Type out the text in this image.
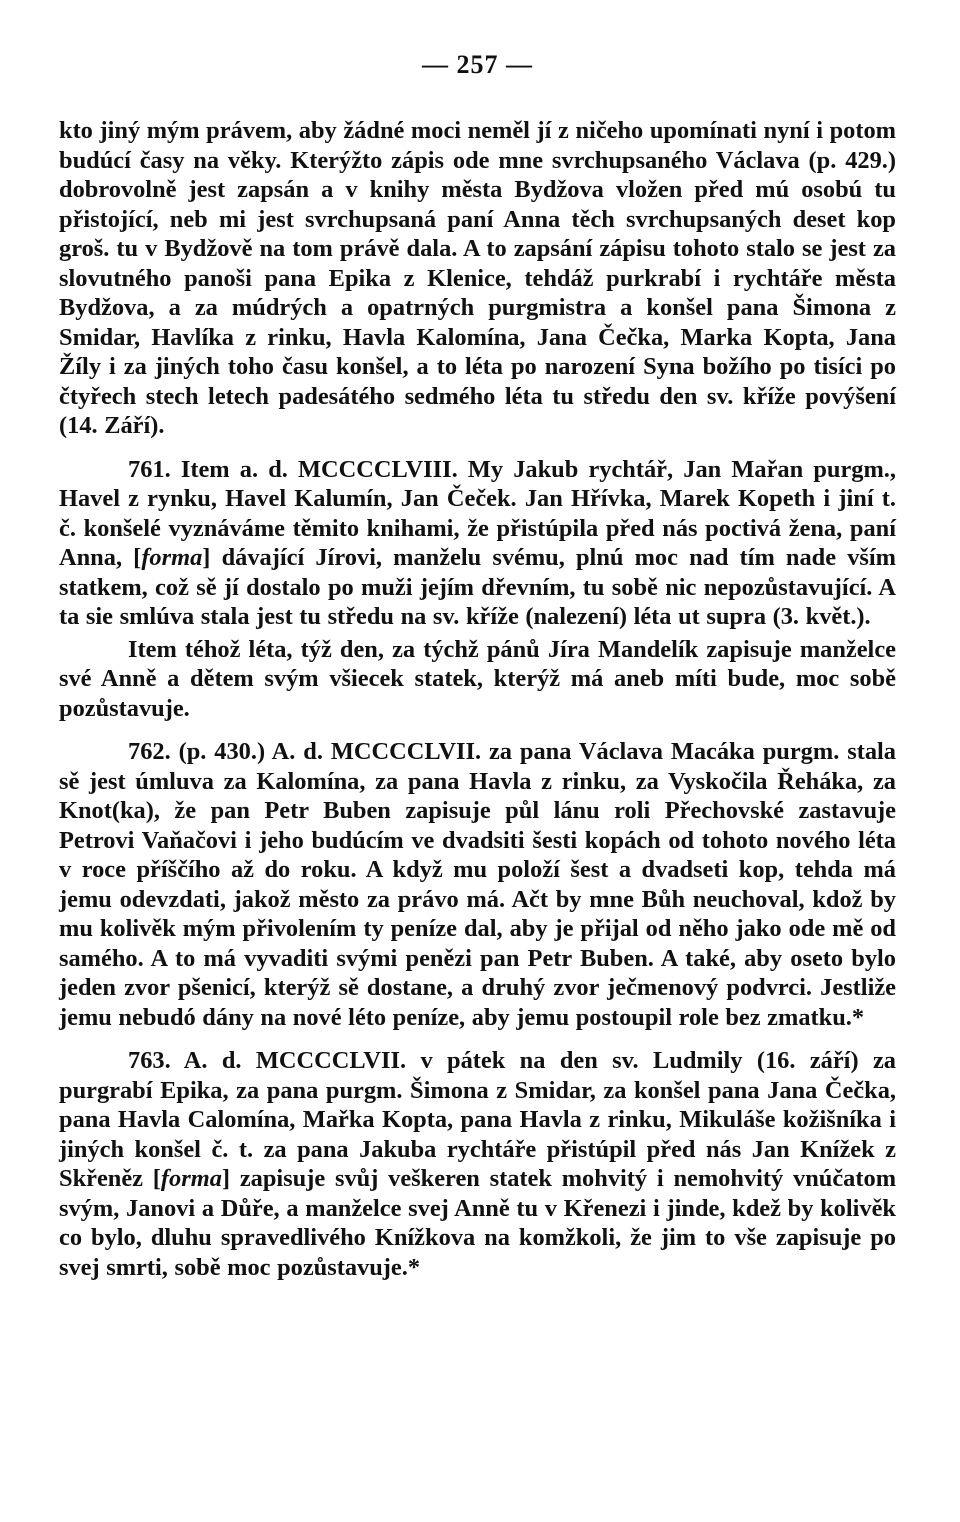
— 257 —

kto jiný mým právem, aby žádné moci neměl jí z ničeho upomínati nyní i potom budúcí časy na věky. Kterýžto zápis ode mne svrchupsaného Václava (p. 429.) dobrovolně jest zapsán a v knihy města Bydžova vložen před mú osobú tu přistojící, neb mi jest svrchupsaná paní Anna těch svrchupsaných deset kop groš. tu v Bydžově na tom právě dala. A to zapsání zápisu tohoto stalo se jest za slovutného panoši pana Epika z Klenice, tehdáž purkrabí i rychtáře města Bydžova, a za múdrých a opatrných purgmistra a konšel pana Šimona z Smidar, Havlíka z rinku, Havla Kalomína, Jana Čečka, Marka Kopta, Jana Žíly i za jiných toho času konšel, a to léta po narození Syna božího po tisíci po čtyřech stech letech padesátého sedmého léta tu středu den sv. kříže povýšení (14. Září).

761. Item a. d. MCCCCLVIII. My Jakub rychtář, Jan Mařan purgm., Havel z rynku, Havel Kalumín, Jan Čeček. Jan Hřívka, Marek Kopeth i jiní t. č. konšelé vyznáváme těmito knihami, že přistúpila před nás poctivá žena, paní Anna, [forma] dávající Jírovi, manželu svému, plnú moc nad tím nade vším statkem, což sě jí dostalo po muži jejím dřevním, tu sobě nic nepozůstavující. A ta sie smlúva stala jest tu středu na sv. kříže (nalezení) léta ut supra (3. květ.).

Item téhož léta, týž den, za týchž pánů Jíra Mandelík zapisuje manželce své Anně a dětem svým všiecek statek, kterýž má aneb míti bude, moc sobě pozůstavuje.

762. (p. 430.) A. d. MCCCCLVII. za pana Václava Macáka purgm. stala sě jest úmluva za Kalomína, za pana Havla z rinku, za Vyskočila Řeháka, za Knot(ka), že pan Petr Buben zapisuje půl lánu roli Přechovské zastavuje Petrovi Vaňačovi i jeho budúcím ve dvadsiti šesti kopách od tohoto nového léta v roce příščího až do roku. A když mu položí šest a dvadseti kop, tehda má jemu odevzdati, jakož město za právo má. Ačt by mne Bůh neuchoval, kdož by mu kolivěk mým přivolením ty peníze dal, aby je přijal od něho jako ode mě od samého. A to má vyvaditi svými penězi pan Petr Buben. A také, aby oseto bylo jeden zvor pšenicí, kterýž sě dostane, a druhý zvor ječmenový podvrci. Jestliže jemu nebudó dány na nové léto peníze, aby jemu postoupil role bez zmatku.*

763. A. d. MCCCCLVII. v pátek na den sv. Ludmily (16. září) za purgrabí Epika, za pana purgm. Šimona z Smidar, za konšel pana Jana Čečka, pana Havla Calomína, Mařka Kopta, pana Havla z rinku, Mikuláše kožišníka i jiných konšel č. t. za pana Jakuba rychtáře přistúpil před nás Jan Knížek z Skřeněz [forma] zapisuje svůj veškeren statek mohvitý i nemohvitý vnúčatom svým, Janovi a Důře, a manželce svej Anně tu v Křenezi i jinde, kdež by kolivěk co bylo, dluhu spravedlivého Knížkova na komžkoli, že jim to vše zapisuje po svej smrti, sobě moc pozůstavuje.*
